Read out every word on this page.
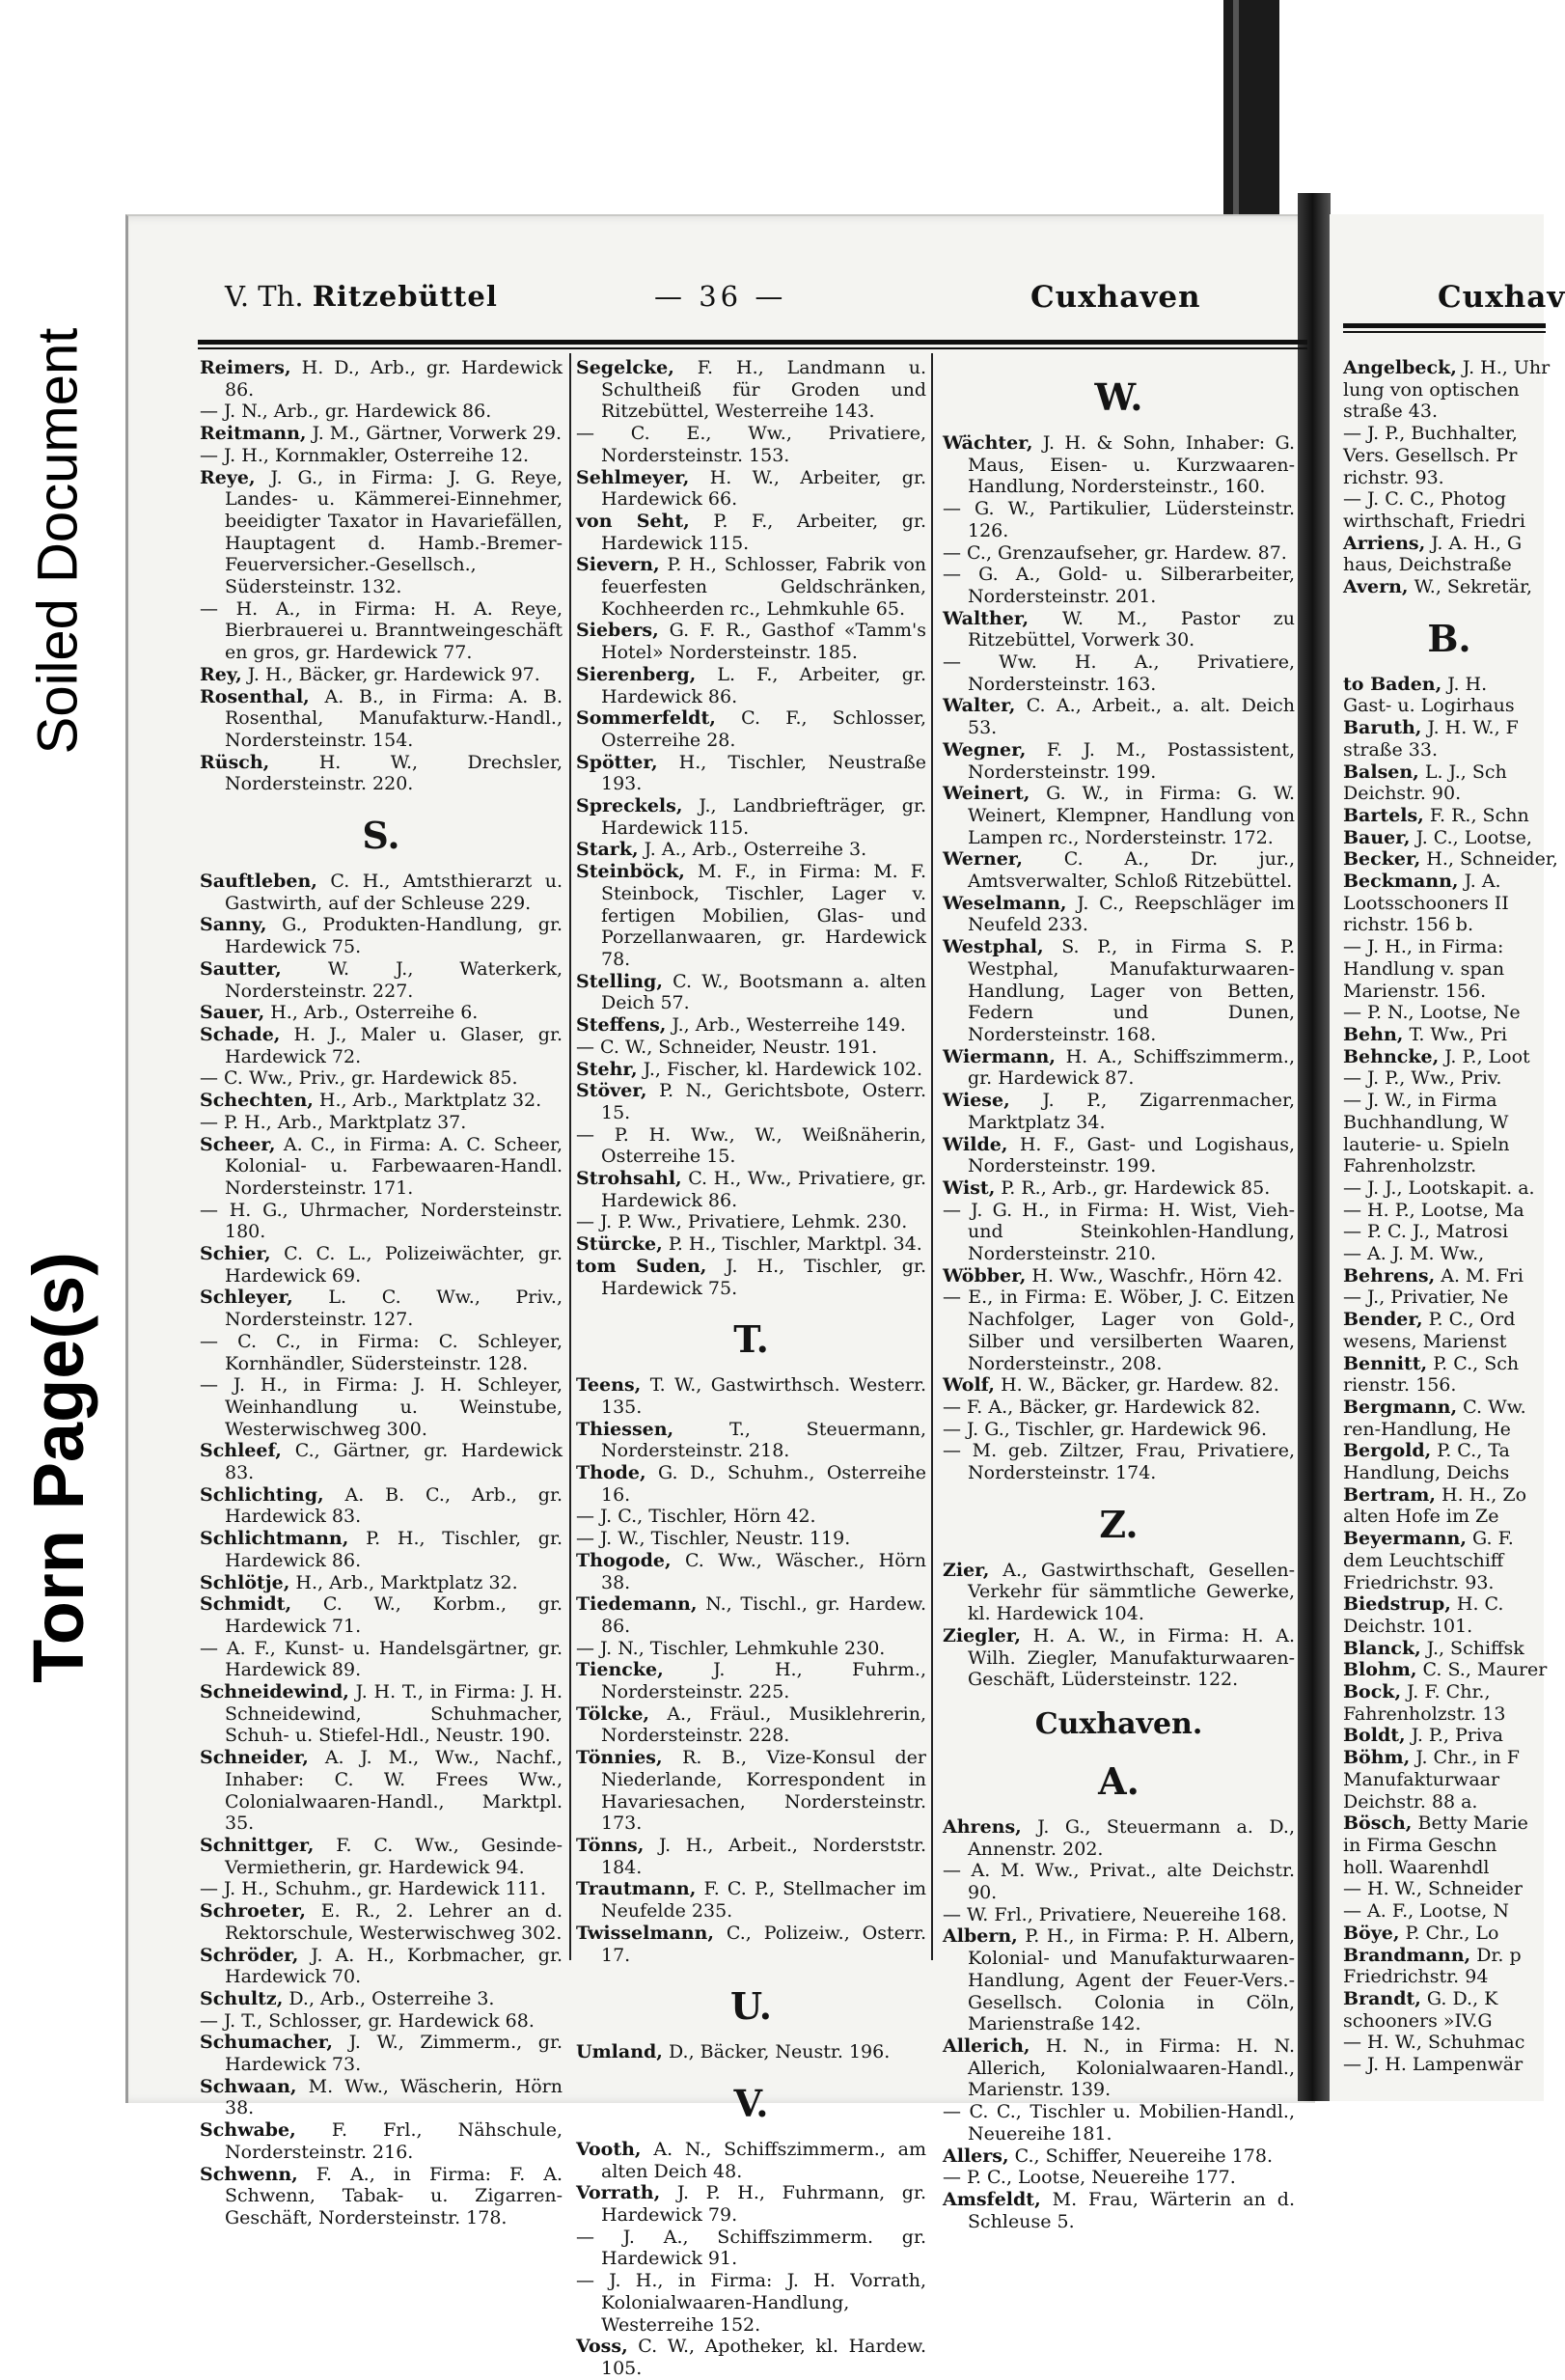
Soiled Document
Torn Page(s)
V. Th. Ritzebüttel	— 36 —	Cuxhaven	Cuxhav
Reimers, H. D., Arb., gr. Hardewick 86.
— J. N., Arb., gr. Hardewick 86.
Reitmann, J. M., Gärtner, Vorwerk 29.
— J. H., Kornmakler, Osterreihe 12.
Reye, J. G., in Firma: J. G. Reye, Landes- u. Kämmerei-Einnehmer, beeidigter Taxator in Havariefällen, Hauptagent d. Hamb.-Bremer-Feuerversicher.-Gesellsch., Südersteinstr. 132.
— H. A., in Firma: H. A. Reye, Bierbrauerei u. Branntweingeschäft en gros, gr. Hardewick 77.
Rey, J. H., Bäcker, gr. Hardewick 97.
Rosenthal, A. B., in Firma: A. B. Rosenthal, Manufakturw.-Handl., Nordersteinstr. 154.
Rüsch,	H. W., Drechsler, Nordersteinstr. 220.
S.
Sauftleben, C. H., Amtsthierarzt u. Gastwirth, auf der Schleuse 229.
Sanny, G., Produkten-Handlung, gr. Hardewick 75.
Sautter,	W. J., Waterkerk, Nordersteinstr. 227.
Sauer, H., Arb., Osterreihe 6.
Schade, H. J., Maler u. Glaser, gr. Hardewick 72.
— C. Ww., Priv., gr. Hardewick 85.
Schechten, H., Arb., Marktplatz 32.
— P. H., Arb., Marktplatz 37.
Scheer, A. C., in Firma: A. C. Scheer, Kolonial- u. Farbewaaren-Handl. Nordersteinstr. 171.
— H. G., Uhrmacher, Nordersteinstr. 180.
Schier, C. C. L., Polizeiwächter, gr. Hardewick 69.
Schleyer, L. C. Ww., Priv., Nordersteinstr. 127.
— C. C., in Firma: C. Schleyer, Kornhändler, Südersteinstr. 128.
— J. H., in Firma: J. H. Schleyer, Weinhandlung u. Weinstube, Westerwischweg 300.
Schleef, C., Gärtner, gr. Hardewick 83.
Schlichting, A. B. C., Arb., gr. Hardewick 83.
Schlichtmann, P. H., Tischler, gr. Hardewick 86.
Schlötje, H., Arb., Marktplatz 32.
Schmidt, C. W., Korbm., gr. Hardewick 71.
— A. F., Kunst- u. Handelsgärtner, gr. Hardewick 89.
Schneidewind, J. H. T., in Firma: J. H. Schneidewind, Schuhmacher, Schuh- u. Stiefel-Hdl., Neustr. 190.
Schneider, A. J. M., Ww., Nachf., Inhaber: C. W. Frees Ww., Colonialwaaren-Handl., Marktpl. 35.
Schnittger, F. C. Ww., Gesinde-Vermietherin, gr. Hardewick 94.
— J. H., Schuhm., gr. Hardewick 111.
Schroeter, E. R., 2. Lehrer an d. Rektorschule, Westerwischweg 302.
Schröder, J. A. H., Korbmacher, gr. Hardewick 70.
Schultz, D., Arb., Osterreihe 3.
— J. T., Schlosser, gr. Hardewick 68.
Schumacher, J. W., Zimmerm., gr. Hardewick 73.
Schwaan, M. Ww., Wäscherin, Hörn 38.
Schwabe, F. Frl., Nähschule, Nordersteinstr. 216.
Schwenn, F. A., in Firma: F. A. Schwenn, Tabak- u. Zigarren-Geschäft, Nordersteinstr. 178.
Segelcke, F. H., Landmann u. Schultheiß für Groden und Ritzebüttel, Westerreihe 143.
— C. E., Ww., Privatiere, Nordersteinstr. 153.
Sehlmeyer, H. W., Arbeiter, gr. Hardewick 66.
von Seht, P. F., Arbeiter, gr. Hardewick 115.
Sievern, P. H., Schlosser, Fabrik von feuerfesten Geldschränken, Kochheerden rc., Lehmkuhle 65.
Siebers, G. F. R., Gasthof «Tamm's Hotel» Nordersteinstr. 185.
Sierenberg, L. F., Arbeiter, gr. Hardewick 86.
Sommerfeldt, C. F., Schlosser, Osterreihe 28.
Spötter, H., Tischler, Neustraße 193.
Spreckels, J., Landbriefträger, gr. Hardewick 115.
Stark, J. A., Arb., Osterreihe 3.
Steinböck, M. F., in Firma: M. F. Steinbock, Tischler, Lager v. fertigen Mobilien, Glas- und Porzellanwaaren, gr. Hardewick 78.
Stelling, C. W., Bootsmann a. alten Deich 57.
Steffens, J., Arb., Westerreihe 149.
— C. W., Schneider, Neustr. 191.
Stehr, J., Fischer, kl. Hardewick 102.
Stöver, P. N., Gerichtsbote, Osterr. 15.
— P. H. Ww., W., Weißnäherin, Osterreihe 15.
Strohsahl, C. H., Ww., Privatiere, gr. Hardewick 86.
— J. P. Ww., Privatiere, Lehmk. 230.
Stürcke, P. H., Tischler, Marktpl. 34.
tom Suden, J. H., Tischler, gr. Hardewick 75.
T.
Teens, T. W., Gastwirthsch. Westerr. 135.
Thiessen,	T., Steuermann, Nordersteinstr. 218.
Thode, G. D., Schuhm., Osterreihe 16.
— J. C., Tischler, Hörn 42.
— J. W., Tischler, Neustr. 119.
Thogode, C. Ww., Wäscher., Hörn 38.
Tiedemann, N., Tischl., gr. Hardew. 86.
— J. N., Tischler, Lehmkuhle 230.
Tiencke,	J. H., Fuhrm., Nordersteinstr. 225.
Tölcke, A., Fräul., Musiklehrerin, Nordersteinstr. 228.
Tönnies, R. B., Vize-Konsul der Niederlande, Korrespondent in Havariesachen, Nordersteinstr. 173.
Tönns, J. H., Arbeit., Norderststr. 184.
Trautmann, F. C. P., Stellmacher im Neufelde 235.
Twisselmann, C., Polizeiw., Osterr. 17.
U.
Umland, D., Bäcker, Neustr. 196.
V.
Vooth, A. N., Schiffszimmerm., am alten Deich 48.
Vorrath, J. P. H., Fuhrmann, gr. Hardewick 79.
— J. A., Schiffszimmerm. gr. Hardewick 91.
— J. H., in Firma: J. H. Vorrath, Kolonialwaaren-Handlung, Westerreihe 152.
Voss, C. W., Apotheker, kl. Hardew. 105.
W.
Wächter, J. H. & Sohn, Inhaber: G. Maus, Eisen- u. Kurzwaaren-Handlung, Nordersteinstr., 160.
— G. W., Partikulier, Lüdersteinstr. 126.
— C., Grenzaufseher, gr. Hardew. 87.
— G. A., Gold- u. Silberarbeiter, Nordersteinstr. 201.
Walther, W. M., Pastor zu Ritzebüttel, Vorwerk 30.
— Ww. H. A., Privatiere, Nordersteinstr. 163.
Walter, C. A., Arbeit., a. alt. Deich 53.
Wegner, F. J. M., Postassistent, Nordersteinstr. 199.
Weinert, G. W., in Firma: G. W. Weinert, Klempner, Handlung von Lampen rc., Nordersteinstr. 172.
Werner, C. A., Dr. jur., Amtsverwalter, Schloß Ritzebüttel.
Weselmann, J. C., Reepschläger im Neufeld 233.
Westphal, S. P., in Firma S. P. Westphal, Manufakturwaaren-Handlung, Lager von Betten, Federn und Dunen, Nordersteinstr. 168.
Wiermann, H. A., Schiffszimmerm., gr. Hardewick 87.
Wiese, J. P., Zigarrenmacher, Marktplatz 34.
Wilde, H. F., Gast- und Logishaus, Nordersteinstr. 199.
Wist, P. R., Arb., gr. Hardewick 85.
— J. G. H., in Firma: H. Wist, Vieh- und Steinkohlen-Handlung, Nordersteinstr. 210.
Wöbber, H. Ww., Waschfr., Hörn 42.
— E., in Firma: E. Wöber, J. C. Eitzen Nachfolger, Lager von Gold-, Silber und versilberten Waaren, Nordersteinstr., 208.
Wolf, H. W., Bäcker, gr. Hardew. 82.
— F. A., Bäcker, gr. Hardewick 82.
— J. G., Tischler, gr. Hardewick 96.
— M. geb. Ziltzer, Frau, Privatiere, Nordersteinstr. 174.
Z.
Zier, A., Gastwirthschaft, Gesellen-Verkehr für sämmtliche Gewerke, kl. Hardewick 104.
Ziegler, H. A. W., in Firma: H. A. Wilh. Ziegler, Manufakturwaaren-Geschäft, Lüdersteinstr. 122.
Cuxhaven.
A.
Ahrens, J. G., Steuermann a. D., Annenstr. 202.
— A. M. Ww., Privat., alte Deichstr. 90.
— W. Frl., Privatiere, Neuereihe 168.
Albern, P. H., in Firma: P. H. Albern, Kolonial- und Manufakturwaaren-Handlung, Agent der Feuer-Vers.-Gesellsch. Colonia in Cöln, Marienstraße 142.
Allerich, H. N., in Firma: H. N. Allerich, Kolonialwaaren-Handl., Marienstr. 139.
— C. C., Tischler u. Mobilien-Handl., Neuereihe 181.
Allers, C., Schiffer, Neuereihe 178.
— P. C., Lootse, Neuereihe 177.
Amsfeldt, M. Frau, Wärterin an d. Schleuse 5.
Angelbeck, J. H., Uhr
lung von optischen
straße 43.
— J. P., Buchhalter,
Vers. Gesellsch. Pr
richstr. 93.
— J. C. C., Photog
wirthschaft, Friedri
Arriens, J. A. H., G
haus, Deichstraße
Avern, W., Sekretär,
B.
to Baden, J. H.
Gast- u. Logirhaus
Baruth, J. H. W., F
straße 33.
Balsen, L. J., Sch
Deichstr. 90.
Bartels, F. R., Schn
Bauer, J. C., Lootse,
Becker, H., Schneider,
Beckmann, J. A.
Lootsschooners II
richstr. 156 b.
— J. H., in Firma:
Handlung v. span
Marienstr. 156.
— P. N., Lootse, Ne
Behn, T. Ww., Pri
Behncke, J. P., Loot
— J. P., Ww., Priv.
— J. W., in Firma
Buchhandlung, W
lauterie- u. Spieln
Fahrenholzstr.
— J. J., Lootskapit. a.
— H. P., Lootse, Ma
— P. C. J., Matrosi
— A. J. M. Ww.,
Behrens, A. M. Fri
— J., Privatier, Ne
Bender, P. C., Ord
wesens, Marienst
Bennitt, P. C., Sch
rienstr. 156.
Bergmann, C. Ww.
ren-Handlung, He
Bergold, P. C., Ta
Handlung, Deichs
Bertram, H. H., Zo
alten Hofe im Ze
Beyermann, G. F.
dem Leuchtschiff
Friedrichstr. 93.
Biedstrup, H. C.
Deichstr. 101.
Blanck, J., Schiffsk
Blohm, C. S., Maurer
Bock, J. F. Chr.,
Fahrenholzstr. 13
Boldt, J. P., Priva
Böhm, J. Chr., in F
Manufakturwaar
Deichstr. 88 a.
Bösch, Betty Marie
in Firma Geschn
holl. Waarenhdl
— H. W., Schneider
— A. F., Lootse, N
Böye, P. Chr., Lo
Brandmann, Dr. p
Friedrichstr. 94
Brandt, G. D., K
schooners »IV.G
— H. W., Schuhmac
— J. H. Lampenwär
